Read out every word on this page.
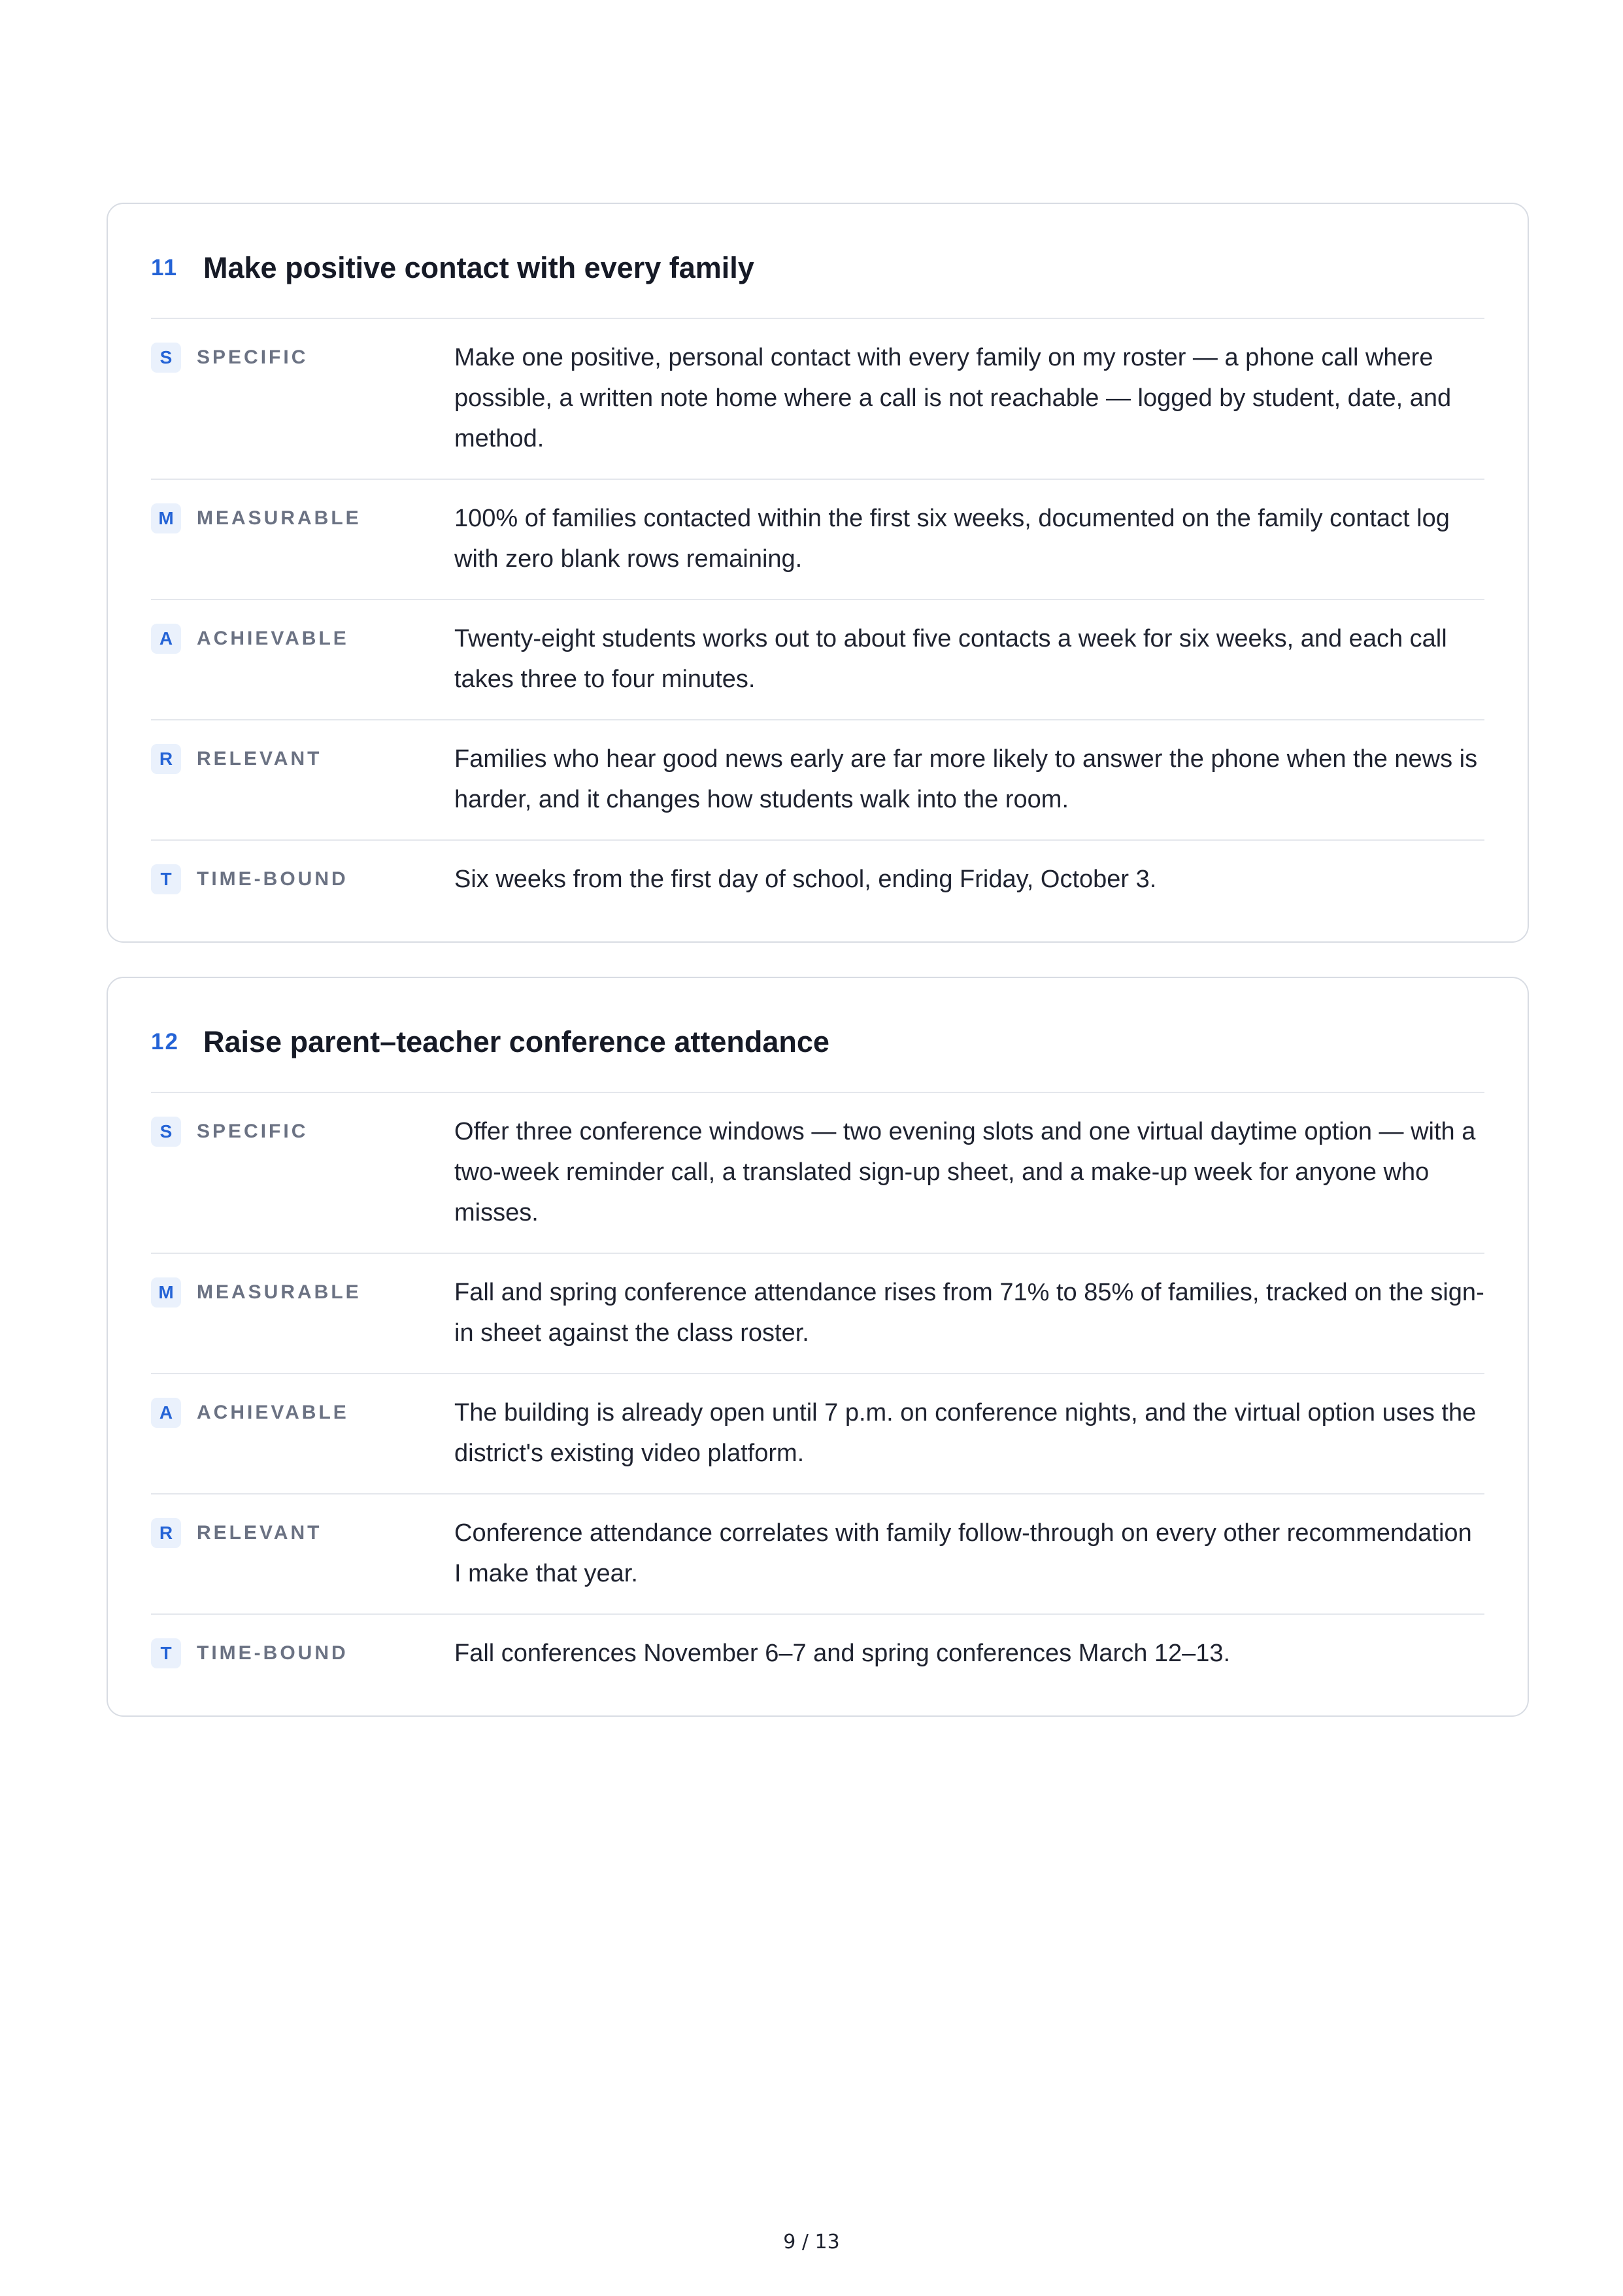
11 Make positive contact with every family
S	SPECIFIC	Make one positive, personal contact with every family on my roster — a phone call where possible, a written note home where a call is not reachable — logged by student, date, and method.
M	MEASURABLE	100% of families contacted within the first six weeks, documented on the family contact log with zero blank rows remaining.
A	ACHIEVABLE	Twenty-eight students works out to about five contacts a week for six weeks, and each call takes three to four minutes.
R	RELEVANT	Families who hear good news early are far more likely to answer the phone when the news is harder, and it changes how students walk into the room.
T	TIME-BOUND	Six weeks from the first day of school, ending Friday, October 3.
12 Raise parent–teacher conference attendance
S	SPECIFIC	Offer three conference windows — two evening slots and one virtual daytime option — with a two-week reminder call, a translated sign-up sheet, and a make-up week for anyone who misses.
M	MEASURABLE	Fall and spring conference attendance rises from 71% to 85% of families, tracked on the sign-in sheet against the class roster.
A	ACHIEVABLE	The building is already open until 7 p.m. on conference nights, and the virtual option uses the district's existing video platform.
R	RELEVANT	Conference attendance correlates with family follow-through on every other recommendation I make that year.
T	TIME-BOUND	Fall conferences November 6–7 and spring conferences March 12–13.
9 / 13
